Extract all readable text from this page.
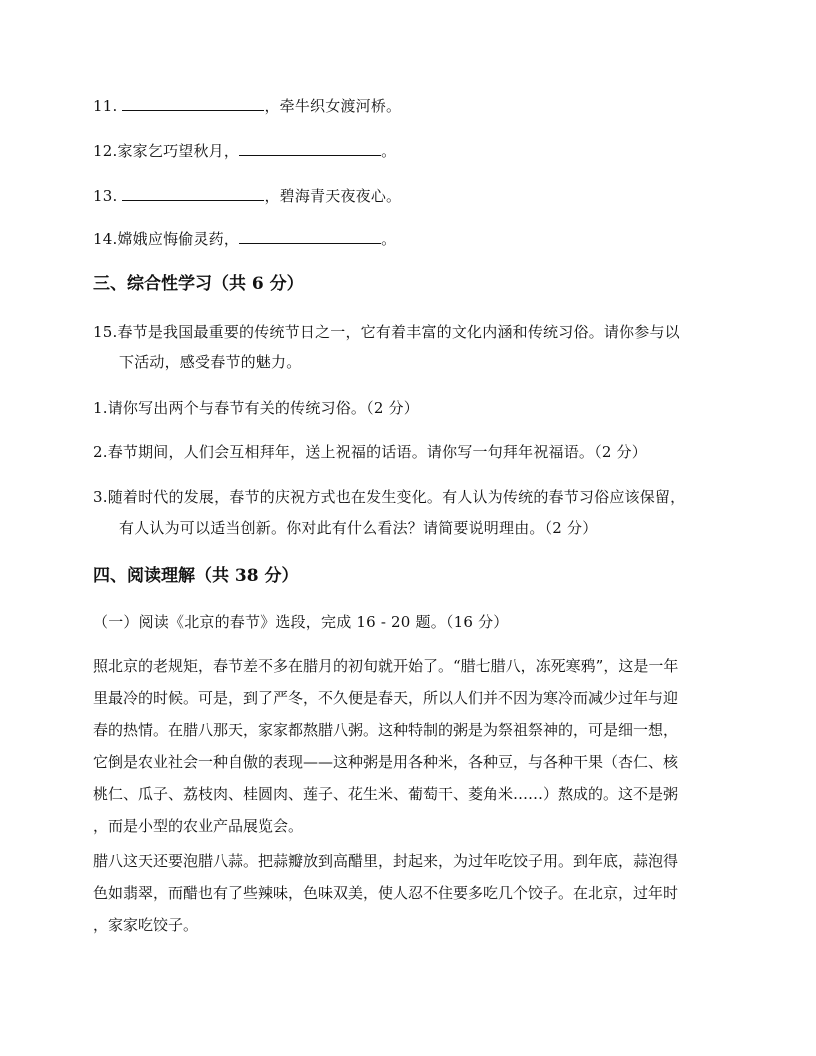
11.	，牵牛织女渡河桥。
12.家家乞巧望秋月，	。
13.	，碧海青天夜夜心。
14.嫦娥应悔偷灵药，	。
三、综合性学习（共 6 分）
15.春节是我国最重要的传统节日之一，它有着丰富的文化内涵和传统习俗。请你参与以
下活动，感受春节的魅力。
1.请你写出两个与春节有关的传统习俗。（2 分）
2.春节期间，人们会互相拜年，送上祝福的话语。请你写一句拜年祝福语。（2 分）
3.随着时代的发展，春节的庆祝方式也在发生变化。有人认为传统的春节习俗应该保留，
有人认为可以适当创新。你对此有什么看法？请简要说明理由。（2 分）
四、阅读理解（共 38 分）
（一）阅读《北京的春节》选段，完成 16 - 20 题。（16 分）
照北京的老规矩，春节差不多在腊月的初旬就开始了。“腊七腊八，冻死寒鸦”，这是一年
里最冷的时候。可是，到了严冬，不久便是春天，所以人们并不因为寒冷而减少过年与迎
春的热情。在腊八那天，家家都熬腊八粥。这种特制的粥是为祭祖祭神的，可是细一想，
它倒是农业社会一种自傲的表现——这种粥是用各种米，各种豆，与各种干果（杏仁、核
桃仁、瓜子、荔枝肉、桂圆肉、莲子、花生米、葡萄干、菱角米……）熬成的。这不是粥
，而是小型的农业产品展览会。
腊八这天还要泡腊八蒜。把蒜瓣放到高醋里，封起来，为过年吃饺子用。到年底，蒜泡得
色如翡翠，而醋也有了些辣味，色味双美，使人忍不住要多吃几个饺子。在北京，过年时
，家家吃饺子。
